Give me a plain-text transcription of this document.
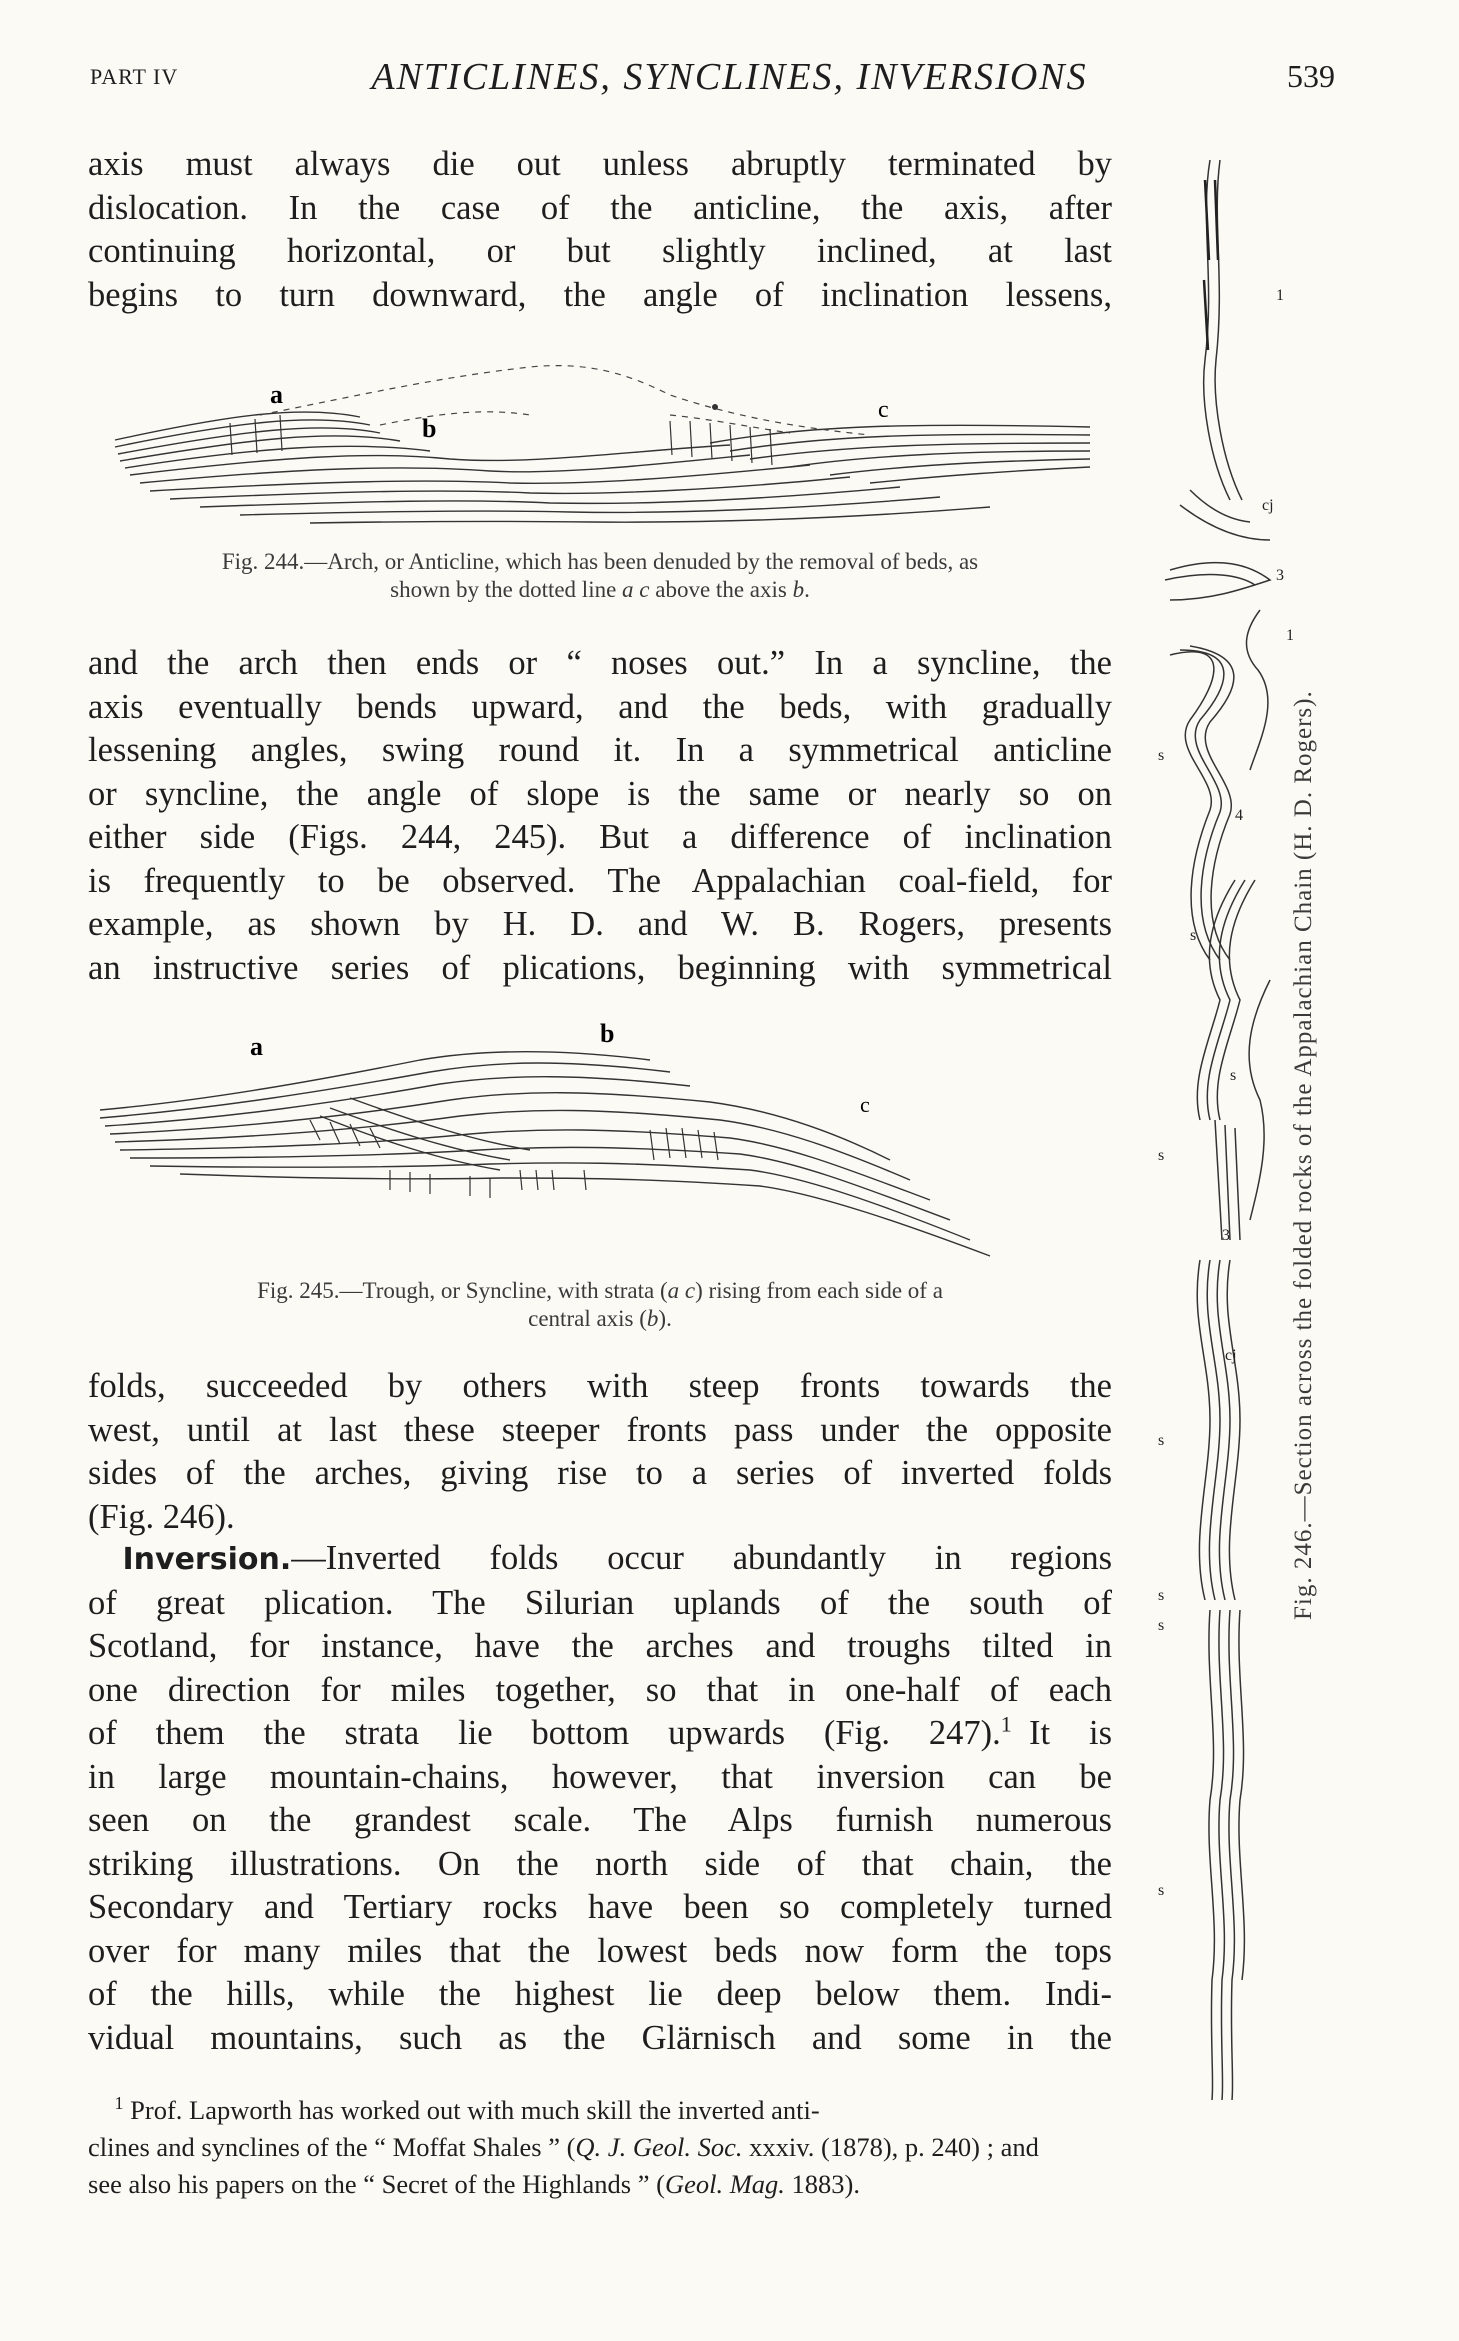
PART IV	ANTICLINES, SYNCLINES, INVERSIONS	539
axis must always die out unless abruptly terminated by
dislocation. In the case of the anticline, the axis, after
continuing horizontal, or but slightly inclined, at last
begins to turn downward, the angle of inclination lessens,
a
b
c
Fig. 244.—Arch, or Anticline, which has been denuded by the removal of beds, as
shown by the dotted line a c above the axis b.
and the arch then ends or “ noses out.” In a syncline, the
axis eventually bends upward, and the beds, with gradually
lessening angles, swing round it. In a symmetrical anticline
or syncline, the angle of slope is the same or nearly so on
either side (Figs. 244, 245). But a difference of inclination
is frequently to be observed. The Appalachian coal-field, for
example, as shown by H. D. and W. B. Rogers, presents
an instructive series of plications, beginning with symmetrical
a	b
c
Fig. 245.—Trough, or Syncline, with strata (a c) rising from each side of a
central axis (b).
folds, succeeded by others with steep fronts towards the
west, until at last these steeper fronts pass under the opposite
sides of the arches, giving rise to a series of inverted folds
(Fig. 246).
 Inversion.—Inverted folds occur abundantly in regions
of great plication. The Silurian uplands of the south of
Scotland, for instance, have the arches and troughs tilted in
one direction for miles together, so that in one-half of each
of them the strata lie bottom upwards (Fig. 247).$^1$  It is
in large mountain-chains, however, that inversion can be
seen on the grandest scale. The Alps furnish numerous
striking illustrations. On the north side of that chain, the
Secondary and Tertiary rocks have been so completely turned
over for many miles that the lowest beds now form the tops
of the hills, while the highest lie deep below them. Indi-
vidual mountains, such as the Glärnisch and some in the
1
cj
3
1
s
4
s
s
s
3
cj
s
s
s
s
Fig. 246.—Section across the folded rocks of the Appalachian Chain (H. D. Rogers).
 $^1$ Prof. Lapworth has worked out with much skill the inverted anti-
clines and synclines of the “ Moffat Shales ” (Q. J. Geol. Soc. xxxiv. (1878), p. 240) ; and
see also his papers on the “ Secret of the Highlands ” (Geol. Mag. 1883).
